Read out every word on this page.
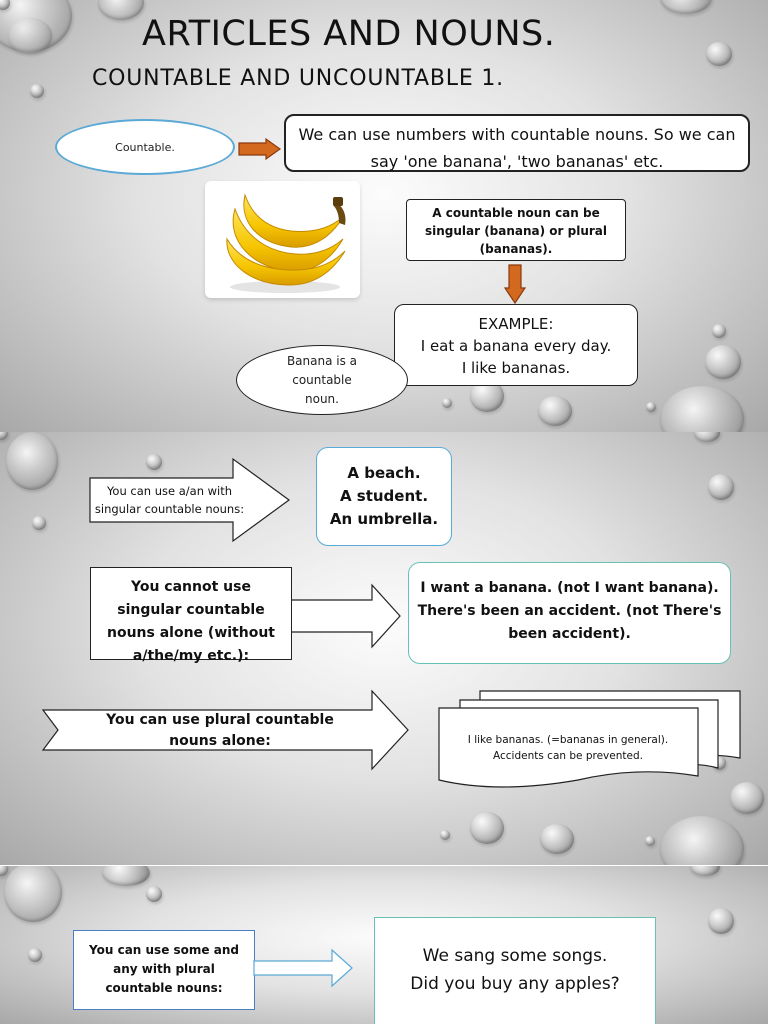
ARTICLES AND NOUNS.
COUNTABLE AND UNCOUNTABLE 1.
Countable.
We can use numbers with countable nouns. So we can say 'one banana', 'two bananas' etc.
A countable noun can be singular (banana) or plural (bananas).
EXAMPLE:
I eat a banana every day.
I like bananas.
Banana is a countable noun.
You can use a/an with singular countable nouns:
A beach.
A student.
An umbrella.
You cannot use singular countable nouns alone (without a/the/my etc.):
I want a banana. (not I want banana).
There's been an accident. (not There's been accident).
You can use plural countable nouns alone:	I like bananas. (=bananas in general).
Accidents can be prevented.
You can use some and any with plural countable nouns:
We sang some songs.
Did you buy any apples?
